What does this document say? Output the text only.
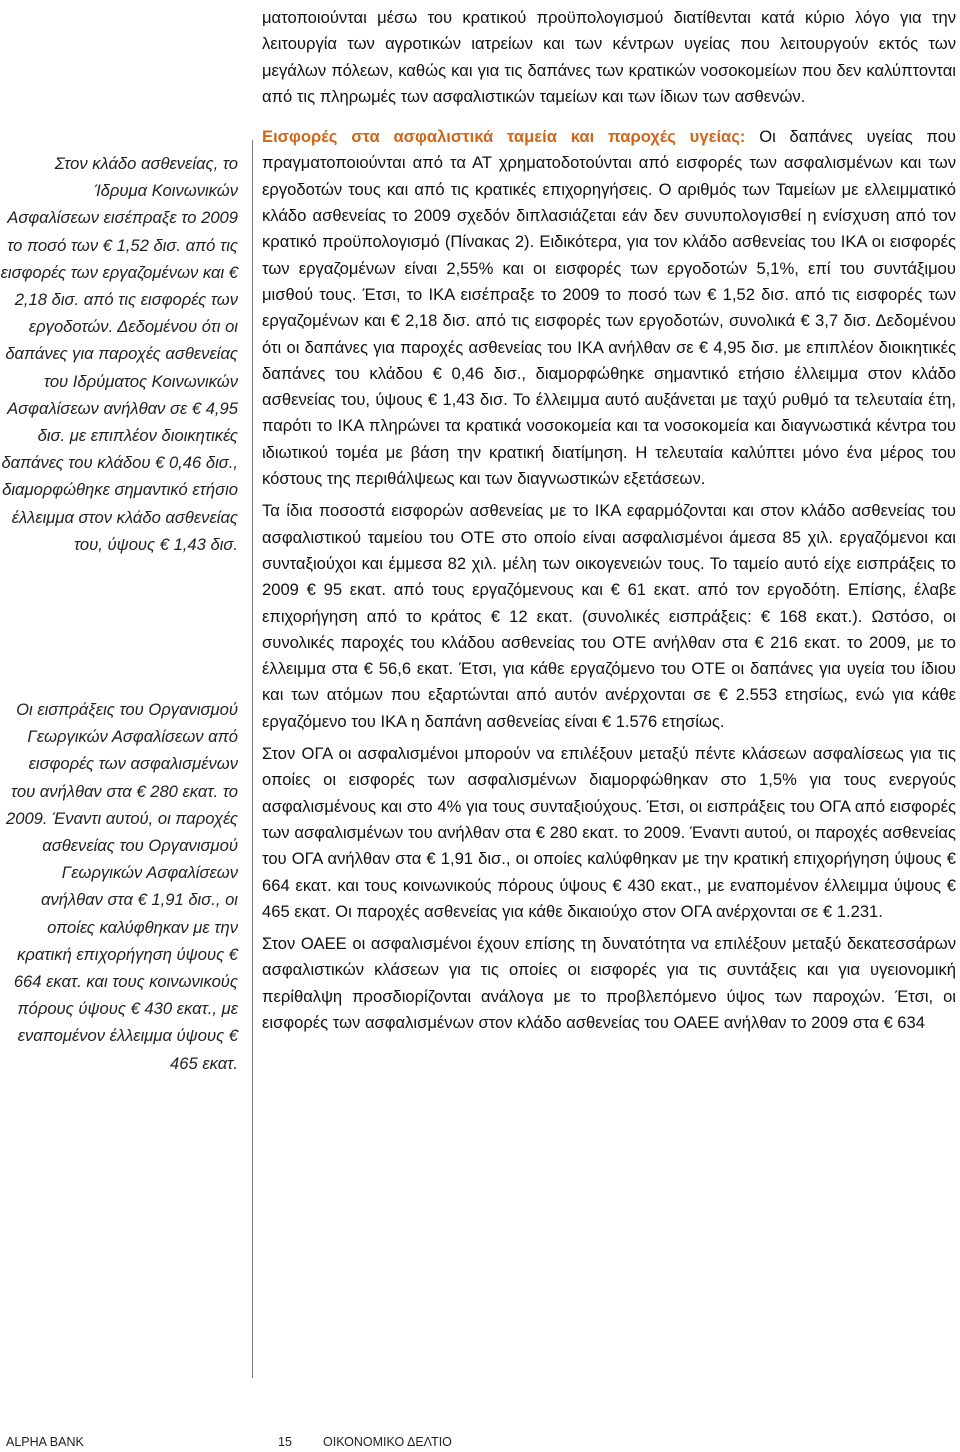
Στον κλάδο ασθενείας, το Ίδρυμα Κοινωνικών Ασφαλίσεων εισέπραξε το 2009 το ποσό των € 1,52 δισ. από τις εισφορές των εργαζομένων και € 2,18 δισ. από τις εισφορές των εργοδοτών. Δεδομένου ότι οι δαπάνες για παροχές ασθενείας του Ιδρύματος Κοινωνικών Ασφαλίσεων ανήλθαν σε € 4,95 δισ. με επιπλέον διοικητικές δαπάνες του κλάδου € 0,46 δισ., διαμορφώθηκε σημαντικό ετήσιο έλλειμμα στον κλάδο ασθενείας του, ύψους € 1,43 δισ.

Οι εισπράξεις του Οργανισμού Γεωργικών Ασφαλίσεων από εισφορές των ασφαλισμένων του ανήλθαν στα € 280 εκατ. το 2009. Έναντι αυτού, οι παροχές ασθενείας του Οργανισμού Γεωργικών Ασφαλίσεων ανήλθαν στα € 1,91 δισ., οι οποίες καλύφθηκαν με την κρατική επιχορήγηση ύψους € 664 εκατ. και τους κοινωνικούς πόρους ύψους € 430 εκατ., με εναπομένον έλλειμμα ύψους € 465 εκατ.

ματοποιούνται μέσω του κρατικού προϋπολογισμού διατίθενται κατά κύριο λόγο για την λειτουργία των αγροτικών ιατρείων και των κέντρων υγείας που λειτουργούν εκτός των μεγάλων πόλεων, καθώς και για τις δαπάνες των κρατικών νοσοκομείων που δεν καλύπτονται από τις πληρωμές των ασφαλιστικών ταμείων και των ίδιων των ασθενών.

Εισφορές στα ασφαλιστικά ταμεία και παροχές υγείας: Οι δαπάνες υγείας που πραγματοποιούνται από τα ΑΤ χρηματοδοτούνται από εισφορές των ασφαλισμένων και των εργοδοτών τους και από τις κρατικές επιχορηγήσεις. Ο αριθμός των Ταμείων με ελλειμματικό κλάδο ασθενείας το 2009 σχεδόν διπλασιάζεται εάν δεν συνυπολογισθεί η ενίσχυση από τον κρατικό προϋπολογισμό (Πίνακας 2). Ειδικότερα, για τον κλάδο ασθενείας του ΙΚΑ οι εισφορές των εργαζομένων είναι 2,55% και οι εισφορές των εργοδοτών 5,1%, επί του συντάξιμου μισθού τους. Έτσι, το ΙΚΑ εισέπραξε το 2009 το ποσό των € 1,52 δισ. από τις εισφορές των εργαζομένων και € 2,18 δισ. από τις εισφορές των εργοδοτών, συνολικά € 3,7 δισ. Δεδομένου ότι οι δαπάνες για παροχές ασθενείας του ΙΚΑ ανήλθαν σε € 4,95 δισ. με επιπλέον διοικητικές δαπάνες του κλάδου € 0,46 δισ., διαμορφώθηκε σημαντικό ετήσιο έλλειμμα στον κλάδο ασθενείας του, ύψους € 1,43 δισ. Το έλλειμμα αυτό αυξάνεται με ταχύ ρυθμό τα τελευταία έτη, παρότι το ΙΚΑ πληρώνει τα κρατικά νοσοκομεία και τα νοσοκομεία και διαγνωστικά κέντρα του ιδιωτικού τομέα με βάση την κρατική διατίμηση. Η τελευταία καλύπτει μόνο ένα μέρος του κόστους της περιθάλψεως και των διαγνωστικών εξετάσεων.

Τα ίδια ποσοστά εισφορών ασθενείας με το ΙΚΑ εφαρμόζονται και στον κλάδο ασθενείας του ασφαλιστικού ταμείου του ΟΤΕ στο οποίο είναι ασφαλισμένοι άμεσα 85 χιλ. εργαζόμενοι και συνταξιούχοι και έμμεσα 82 χιλ. μέλη των οικογενειών τους. Το ταμείο αυτό είχε εισπράξεις το 2009 € 95 εκατ. από τους εργαζόμενους και € 61 εκατ. από τον εργοδότη. Επίσης, έλαβε επιχορήγηση από το κράτος € 12 εκατ. (συνολικές εισπράξεις: € 168 εκατ.). Ωστόσο, οι συνολικές παροχές του κλάδου ασθενείας του ΟΤΕ ανήλθαν στα € 216 εκατ. το 2009, με το έλλειμμα στα € 56,6 εκατ. Έτσι, για κάθε εργαζόμενο του ΟΤΕ οι δαπάνες για υγεία του ίδιου και των ατόμων που εξαρτώνται από αυτόν ανέρχονται σε € 2.553 ετησίως, ενώ για κάθε εργαζόμενο του ΙΚΑ η δαπάνη ασθενείας είναι € 1.576 ετησίως.

Στον ΟΓΑ οι ασφαλισμένοι μπορούν να επιλέξουν μεταξύ πέντε κλάσεων ασφαλίσεως για τις οποίες οι εισφορές των ασφαλισμένων διαμορφώθηκαν στο 1,5% για τους ενεργούς ασφαλισμένους και στο 4% για τους συνταξιούχους. Έτσι, οι εισπράξεις του ΟΓΑ από εισφορές των ασφαλισμένων του ανήλθαν στα € 280 εκατ. το 2009. Έναντι αυτού, οι παροχές ασθενείας του ΟΓΑ ανήλθαν στα € 1,91 δισ., οι οποίες καλύφθηκαν με την κρατική επιχορήγηση ύψους € 664 εκατ. και τους κοινωνικούς πόρους ύψους € 430 εκατ., με εναπομένον έλλειμμα ύψους € 465 εκατ. Οι παροχές ασθενείας για κάθε δικαιούχο στον ΟΓΑ ανέρχονται σε € 1.231.

Στον ΟΑΕΕ οι ασφαλισμένοι έχουν επίσης τη δυνατότητα να επιλέξουν μεταξύ δεκατεσσάρων ασφαλιστικών κλάσεων για τις οποίες οι εισφορές για τις συντάξεις και για υγειονομική περίθαλψη προσδιορίζονται ανάλογα με το προβλεπόμενο ύψος των παροχών. Έτσι, οι εισφορές των ασφαλισμένων στον κλάδο ασθενείας του ΟΑΕΕ ανήλθαν το 2009 στα € 634

ALPHA BANK	15 ΟΙΚΟΝΟΜΙΚΟ ΔΕΛΤΙΟ
